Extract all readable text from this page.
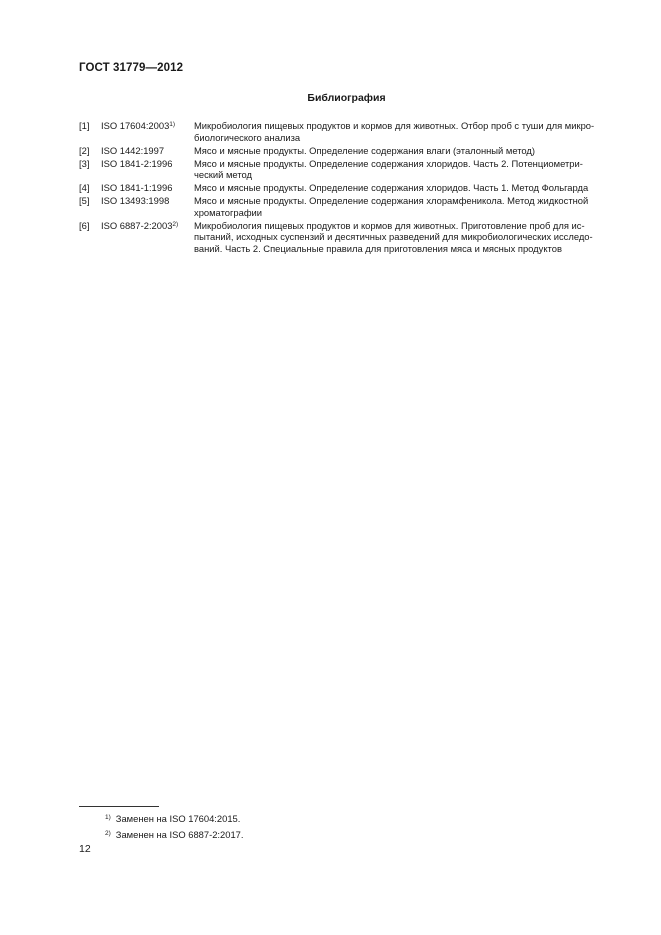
ГОСТ 31779—2012
Библиография
[1]	ISO 17604:2003$^{1)}$	Микробиология пищевых продуктов и кормов для животных. Отбор проб с туши для микро-
биологического анализа
[2]	ISO 1442:1997	Мясо и мясные продукты. Определение содержания влаги (эталонный метод)
[3]	ISO 1841-2:1996	Мясо и мясные продукты. Определение содержания хлоридов. Часть 2. Потенциометри-
ческий метод
[4]	ISO 1841-1:1996	Мясо и мясные продукты. Определение содержания хлоридов. Часть 1. Метод Фольгарда
[5]	ISO 13493:1998	Мясо и мясные продукты. Определение содержания хлорамфеникола. Метод жидкостной
хроматографии
[6]	ISO 6887-2:2003$^{2)}$	Микробиология пищевых продуктов и кормов для животных. Приготовление проб для ис-
пытаний, исходных суспензий и десятичных разведений для микробиологических исследо-
ваний. Часть 2. Специальные правила для приготовления мяса и мясных продуктов
$^{1)}$ Заменен на ISO 17604:2015.
$^{2)}$ Заменен на ISO 6887-2:2017.
12
